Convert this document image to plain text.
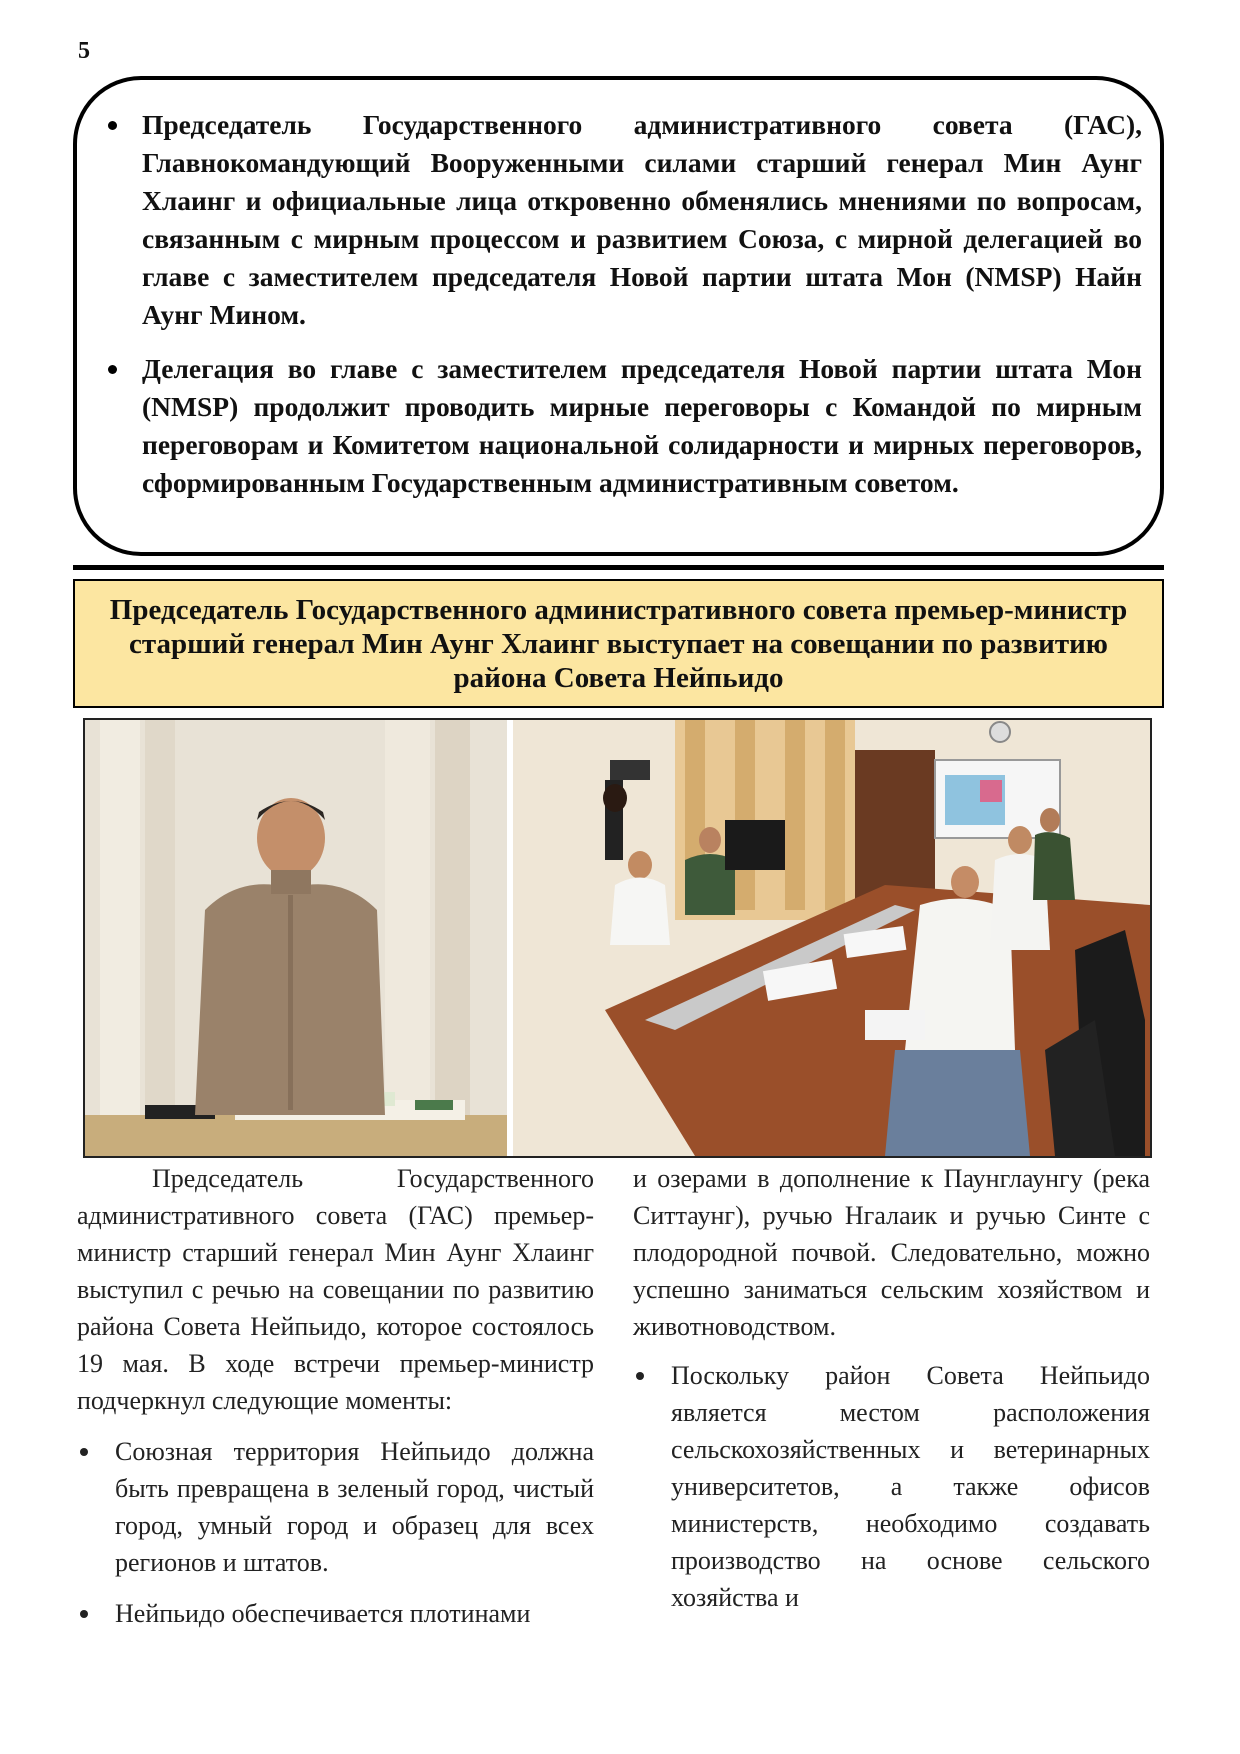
5
Председатель Государственного административного совета (ГАС), Главнокомандующий Вооруженными силами старший генерал Мин Аунг Хлаинг и официальные лица откровенно обменялись мнениями по вопросам, связанным с мирным процессом и развитием Союза, с мирной делегацией во главе с заместителем председателя Новой партии штата Мон (NMSP) Найн Аунг Мином.
Делегация во главе с заместителем председателя Новой партии штата Мон (NMSP) продолжит проводить мирные переговоры с Командой по мирным переговорам и Комитетом национальной солидарности и мирных переговоров, сформированным Государственным административным советом.
Председатель Государственного административного совета премьер-министр старший генерал Мин Аунг Хлаинг выступает на совещании по развитию района Совета Нейпьидо

Председатель Государственного административного совета (ГАС) премьер-министр старший генерал Мин Аунг Хлаинг выступил с речью на совещании по развитию района Совета Нейпьидо, которое состоялось 19 мая. В ходе встречи премьер-министр подчеркнул следующие моменты:

Союзная территория Нейпьидо должна быть превращена в зеленый город, чистый город, умный город и образец для всех регионов и штатов.
Нейпьидо обеспечивается плотинами

и озерами в дополнение к Паунглаунгу (река Ситтаунг), ручью Нгалаик и ручью Синте с плодородной почвой. Следовательно, можно успешно заниматься сельским хозяйством и животноводством.

Поскольку район Совета Нейпьидо является местом расположения сельскохозяйственных и ветеринарных университетов, а также офисов министерств, необходимо создавать производство на основе сельского хозяйства и
